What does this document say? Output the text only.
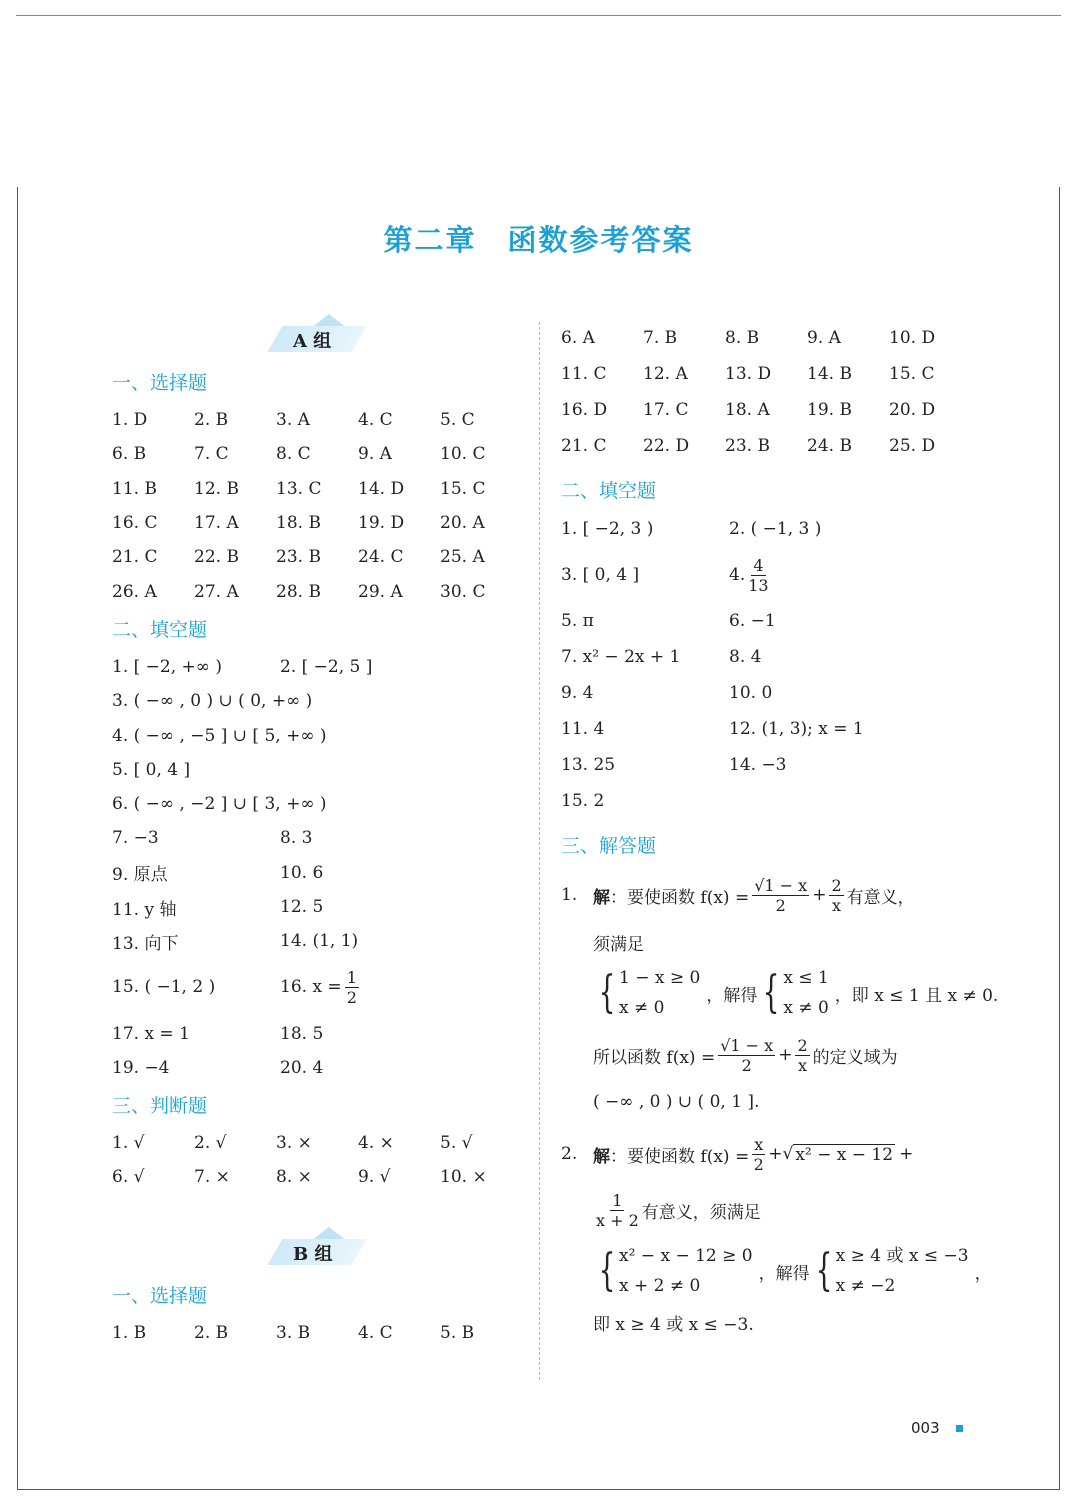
第二章　函数参考答案
A 组
一、选择题
1. D	2. B	3. A	4. C	5. C
6. B	7. C	8. C	9. A	10. C
11. B	12. B	13. C	14. D	15. C
16. C	17. A	18. B	19. D	20. A
21. C	22. B	23. B	24. C	25. A
26. A	27. A	28. B	29. A	30. C
二、填空题
1. [ −2, +∞ )	2. [ −2, 5 ]
3. ( −∞ , 0 ) ∪ ( 0, +∞ )
4. ( −∞ , −5 ] ∪ [ 5, +∞ )
5. [ 0, 4 ]
6. ( −∞ , −2 ] ∪ [ 3, +∞ )
7. −3	8. 3
9. 原点	10. 6
11. y 轴	12. 5
13. 向下	14. (1, 1)
15. ( −1, 2 )	16. $x = \frac{1}{2}$
17. x = 1	18. 5
19. −4	20. 4
三、判断题
1. √	2. √	3. ×	4. ×	5. √
6. √	7. ×	8. ×	9. √	10. ×
B 组
一、选择题
1. B	2. B	3. B	4. C	5. B
6. A	7. B	8. B	9. A	10. D
11. C	12. A	13. D	14. B	15. C
16. D	17. C	18. A	19. B	20. D
21. C	22. D	23. B	24. B	25. D
二、填空题
1. [ −2, 3 )	2. ( −1, 3 )
3. [ 0, 4 ]	4. $\frac{4}{13}$
5. π	6. −1
7. x² − 2x + 1	8. 4
9. 4	10. 0
11. 4	12. (1, 3); x = 1
13. 25	14. −3
15. 2
三、解答题
1. 解 ：要使函数 $f(x) = \frac{√1 - x}{2} + \frac{2}{x}$ 有意义，
须满足
{ 1 − x ≥ 0
x ≠ 0
，解得 { x ≤ 1
x ≠ 0
，即 x ≤ 1 且 x ≠ 0.
所以函数 $f(x) = \frac{√1 - x}{2} + \frac{2}{x}$ 的定义域为
( −∞ , 0 ) ∪ ( 0, 1 ].
2. 解 ：要使函数 $f(x) = \frac{x}{2}$ + √ x² − x − 12 +
$\frac{1}{x + 2}$ 有意义，须满足
{ x² − x − 12 ≥ 0
x + 2 ≠ 0
，解得 { x ≥ 4 或 x ≤ −3
x ≠ −2
，
即 x ≥ 4 或 x ≤ −3.
003
